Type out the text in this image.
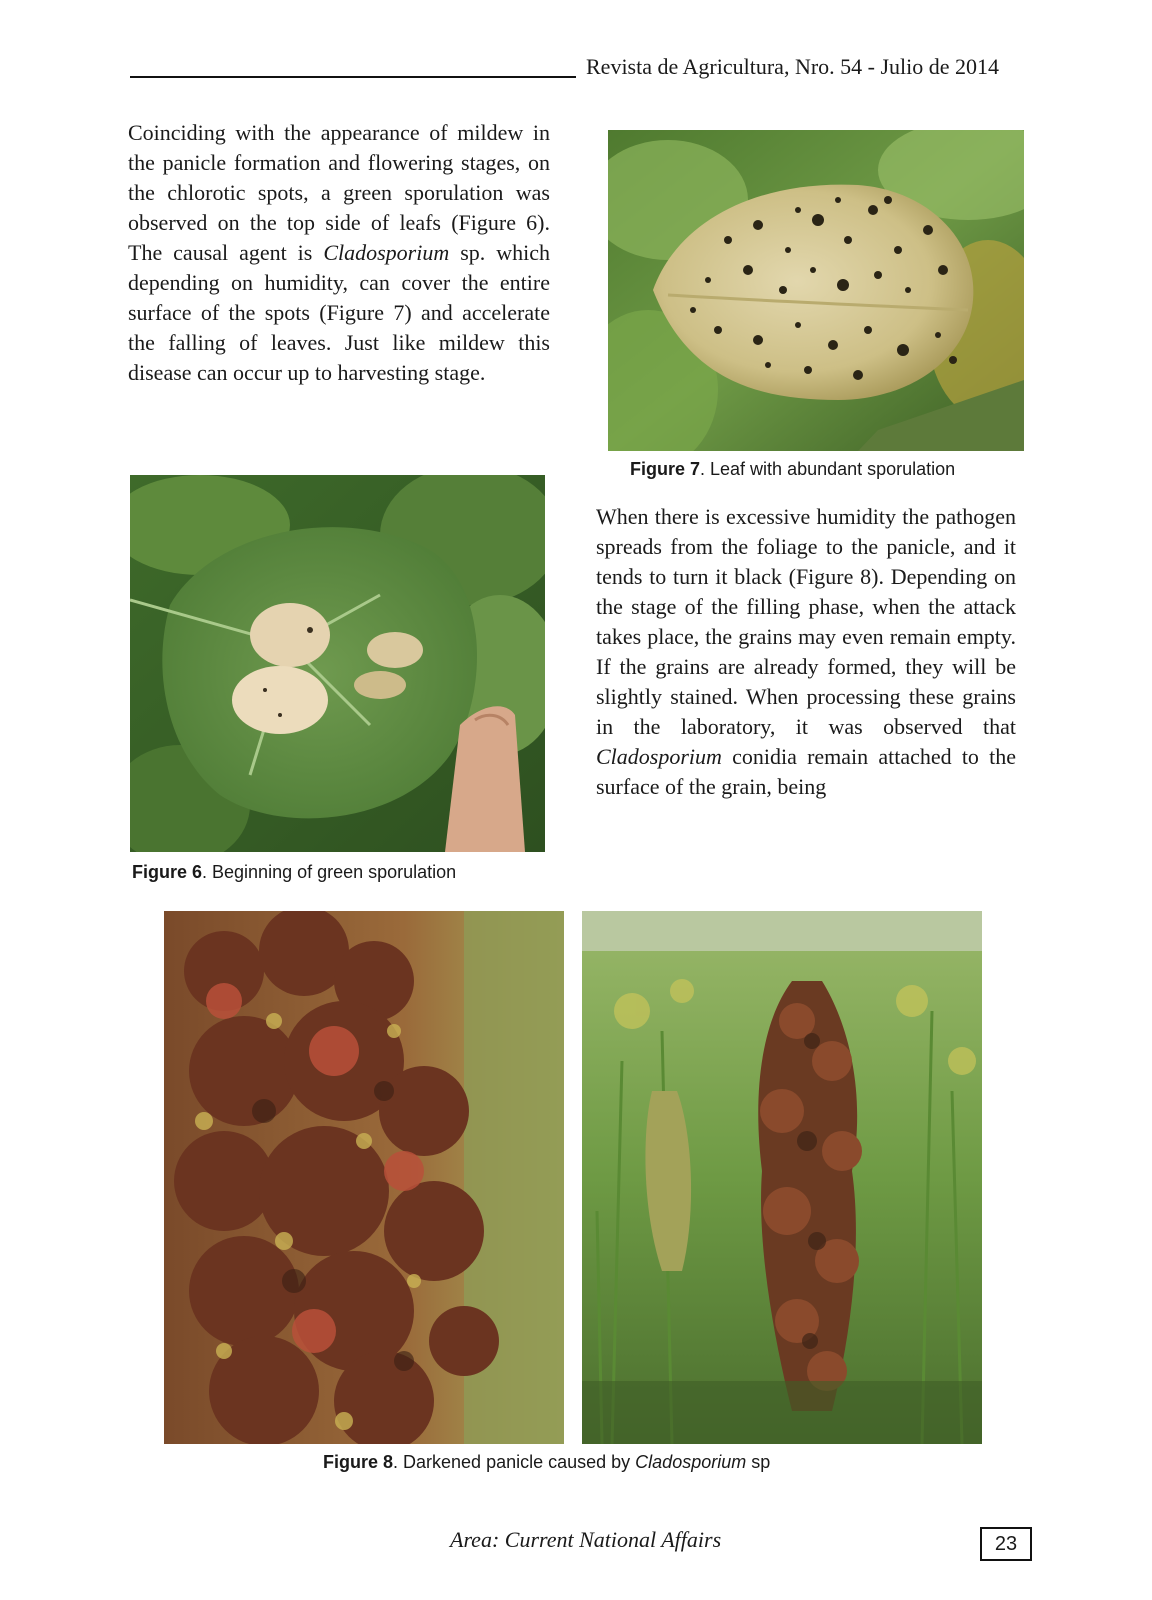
Revista de Agricultura, Nro. 54 - Julio de 2014

Coinciding with the appearance of mildew in the panicle formation and flowering stages, on the chlorotic spots, a green sporulation was observed on the top side of leafs (Figure 6). The causal agent is Cladosporium sp. which depending on humidity, can cover the entire surface of the spots (Figure 7) and accelerate the falling of leaves. Just like mildew this disease can occur up to harvesting stage.

Figure 7. Leaf with abundant sporulation
Figure 6. Beginning of green sporulation

When there is excessive humidity the pathogen spreads from the foliage to the panicle, and it tends to turn it black (Figure 8). Depending on the stage of the filling phase, when the attack takes place, the grains may even remain empty. If the grains are already formed, they will be slightly stained. When processing these grains in the laboratory, it was observed that Cladosporium conidia remain attached to the surface of the grain, being

Figure 8. Darkened panicle caused by Cladosporium sp
Area: Current National Affairs	23
